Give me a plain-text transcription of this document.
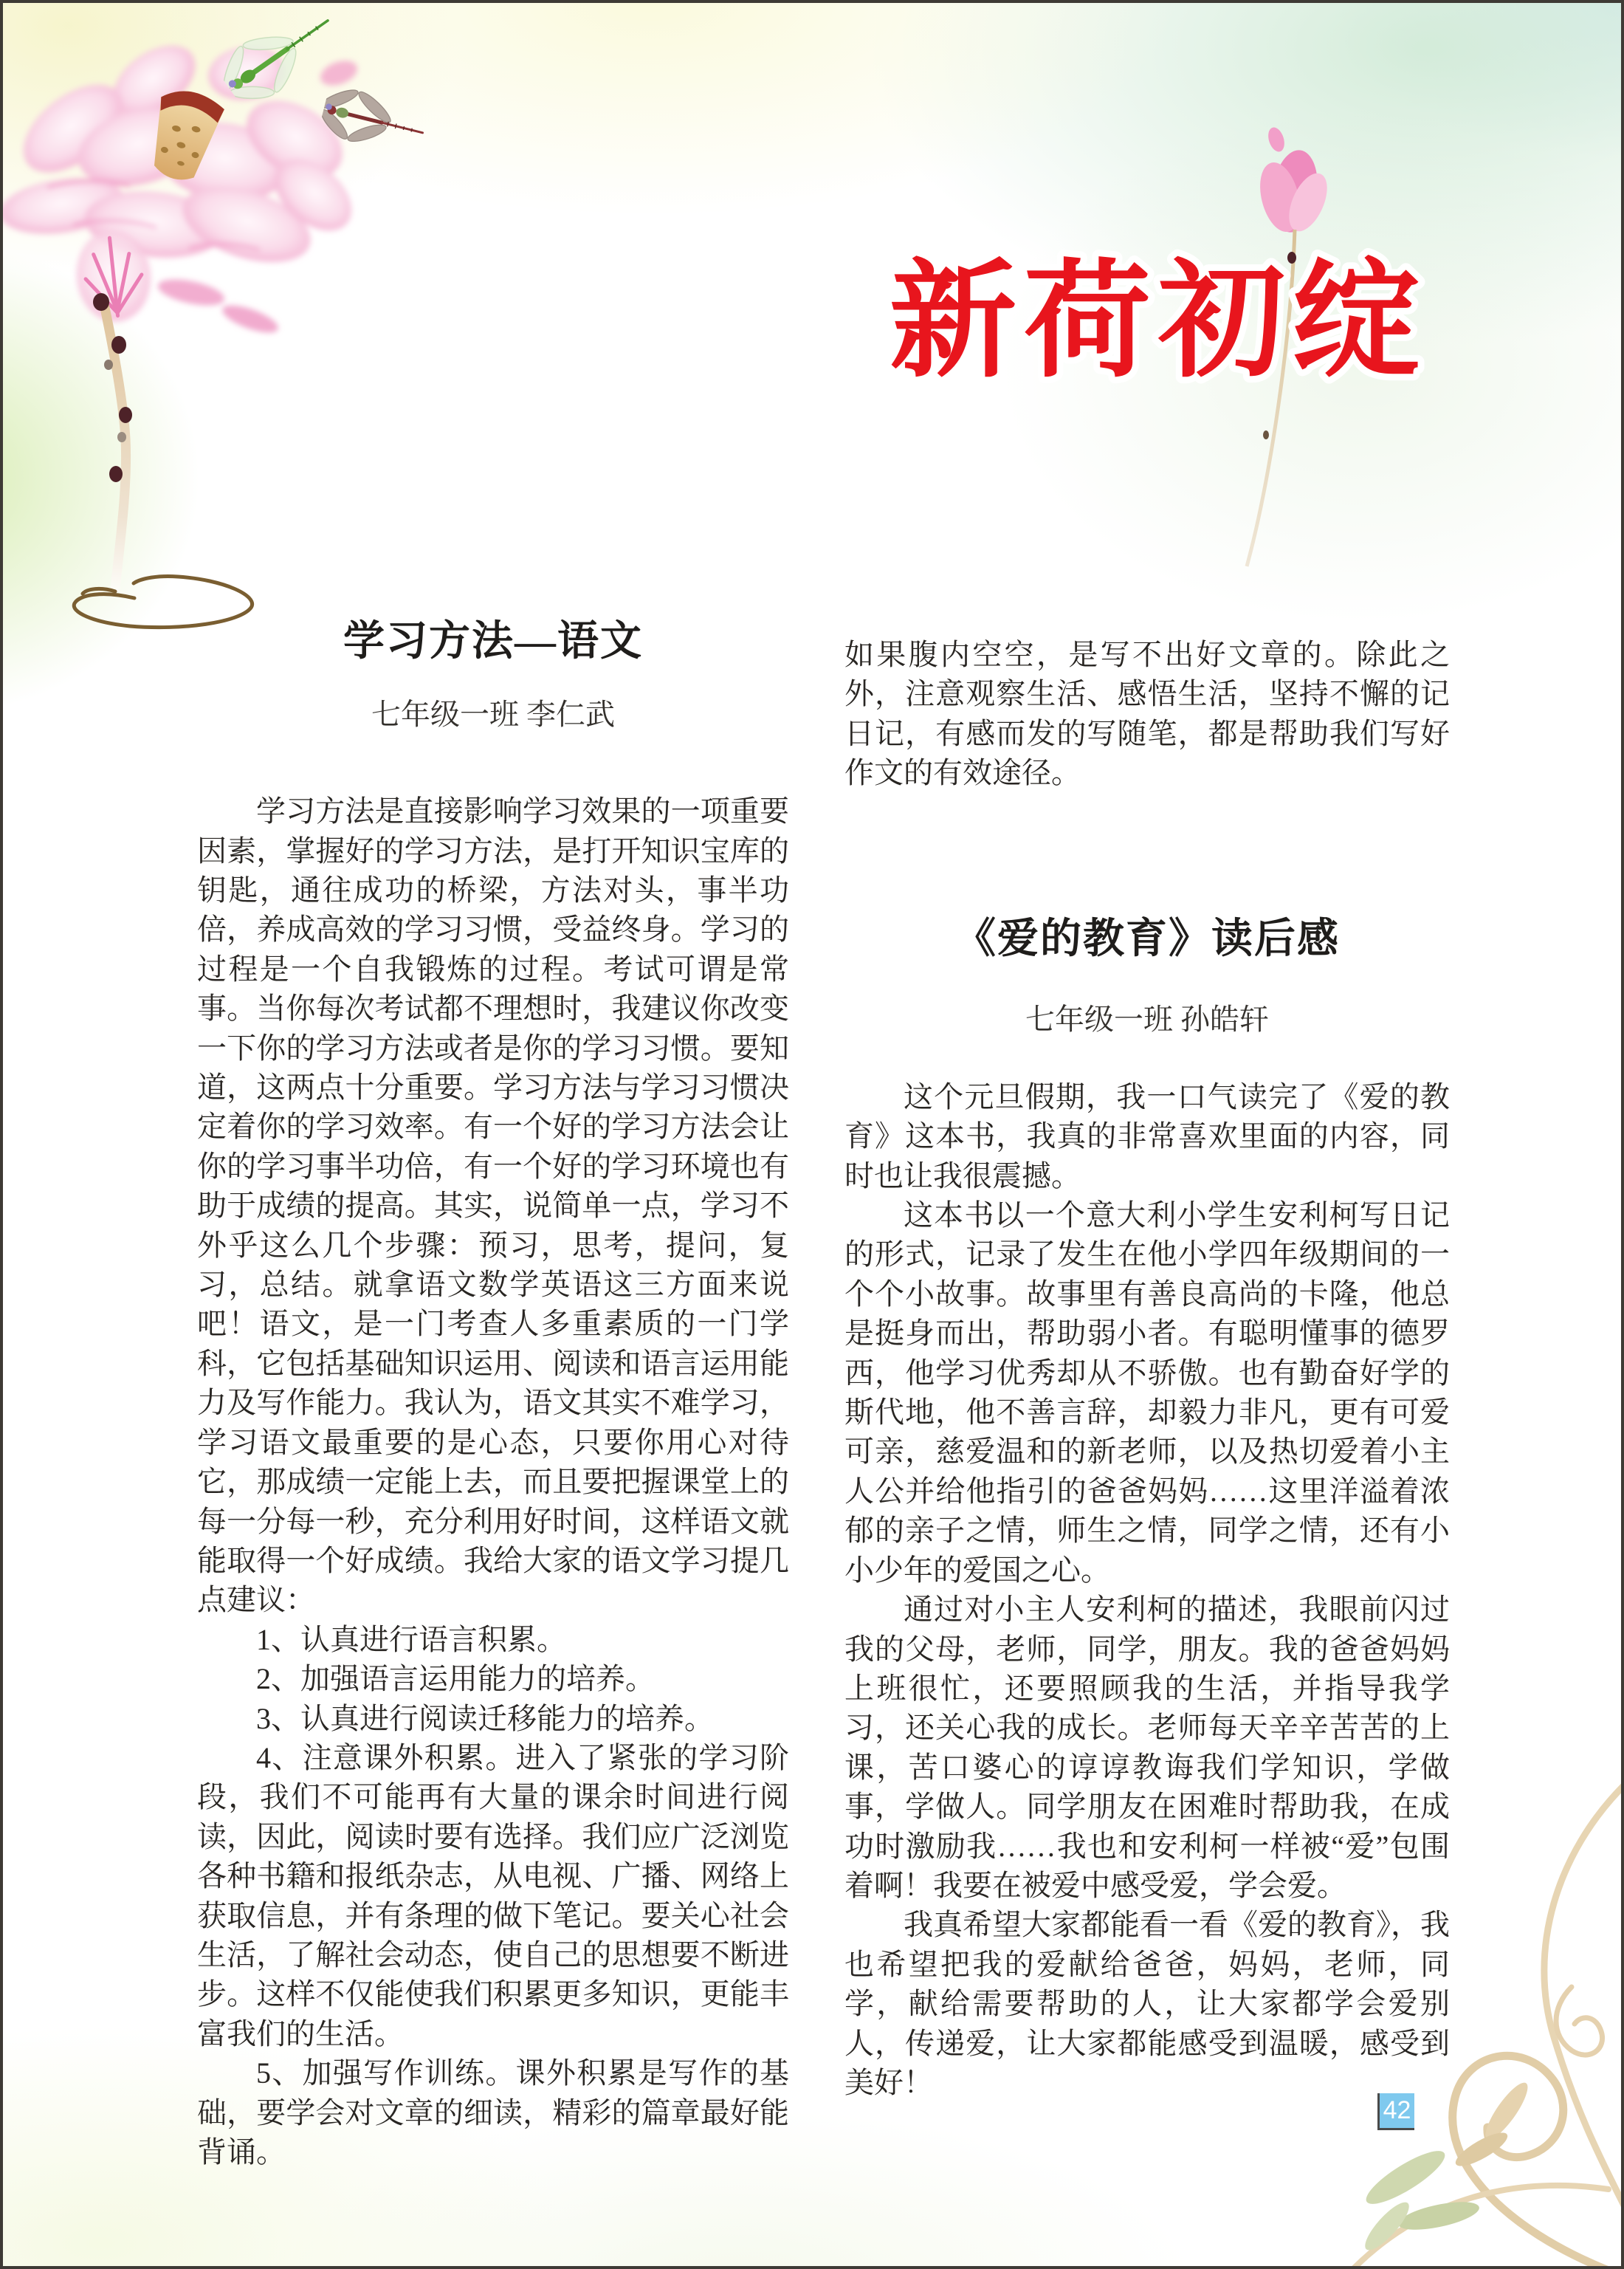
新荷初绽
学习方法—语文
七年级一班 李仁武

学习方法是直接影响学习效果的一项重要因素，掌握好的学习方法，是打开知识宝库的钥匙，通往成功的桥梁，方法对头，事半功倍，养成高效的学习习惯，受益终身。学习的过程是一个自我锻炼的过程。考试可谓是常事。当你每次考试都不理想时，我建议你改变一下你的学习方法或者是你的学习习惯。要知道，这两点十分重要。学习方法与学习习惯决定着你的学习效率。有一个好的学习方法会让你的学习事半功倍，有一个好的学习环境也有助于成绩的提高。其实，说简单一点，学习不外乎这么几个步骤：预习，思考，提问，复习，总结。就拿语文数学英语这三方面来说吧！语文，是一门考查人多重素质的一门学科，它包括基础知识运用、阅读和语言运用能力及写作能力。我认为，语文其实不难学习，学习语文最重要的是心态，只要你用心对待它，那成绩一定能上去，而且要把握课堂上的每一分每一秒，充分利用好时间，这样语文就能取得一个好成绩。我给大家的语文学习提几点建议：

1、认真进行语言积累。

2、加强语言运用能力的培养。

3、认真进行阅读迁移能力的培养。

4、注意课外积累。进入了紧张的学习阶段，我们不可能再有大量的课余时间进行阅读，因此，阅读时要有选择。我们应广泛浏览各种书籍和报纸杂志，从电视、广播、网络上获取信息，并有条理的做下笔记。要关心社会生活，了解社会动态，使自己的思想要不断进步。这样不仅能使我们积累更多知识，更能丰富我们的生活。

5、加强写作训练。课外积累是写作的基础，要学会对文章的细读，精彩的篇章最好能背诵。

如果腹内空空，是写不出好文章的。除此之外，注意观察生活、感悟生活，坚持不懈的记日记，有感而发的写随笔，都是帮助我们写好作文的有效途径。

《爱的教育》读后感
七年级一班 孙皓轩

这个元旦假期，我一口气读完了《爱的教育》这本书，我真的非常喜欢里面的内容，同时也让我很震撼。

这本书以一个意大利小学生安利柯写日记的形式，记录了发生在他小学四年级期间的一个个小故事。故事里有善良高尚的卡隆，他总是挺身而出，帮助弱小者。有聪明懂事的德罗西，他学习优秀却从不骄傲。也有勤奋好学的斯代地，他不善言辞，却毅力非凡，更有可爱可亲，慈爱温和的新老师，以及热切爱着小主人公并给他指引的爸爸妈妈……这里洋溢着浓郁的亲子之情，师生之情，同学之情，还有小小少年的爱国之心。

通过对小主人安利柯的描述，我眼前闪过我的父母，老师，同学，朋友。我的爸爸妈妈上班很忙，还要照顾我的生活，并指导我学习，还关心我的成长。老师每天辛辛苦苦的上课，苦口婆心的谆谆教诲我们学知识，学做事，学做人。同学朋友在困难时帮助我，在成功时激励我……我也和安利柯一样被“爱”包围着啊！我要在被爱中感受爱，学会爱。

我真希望大家都能看一看《爱的教育》，我也希望把我的爱献给爸爸，妈妈，老师，同学，献给需要帮助的人，让大家都学会爱别人，传递爱，让大家都能感受到温暖，感受到美好！

42
